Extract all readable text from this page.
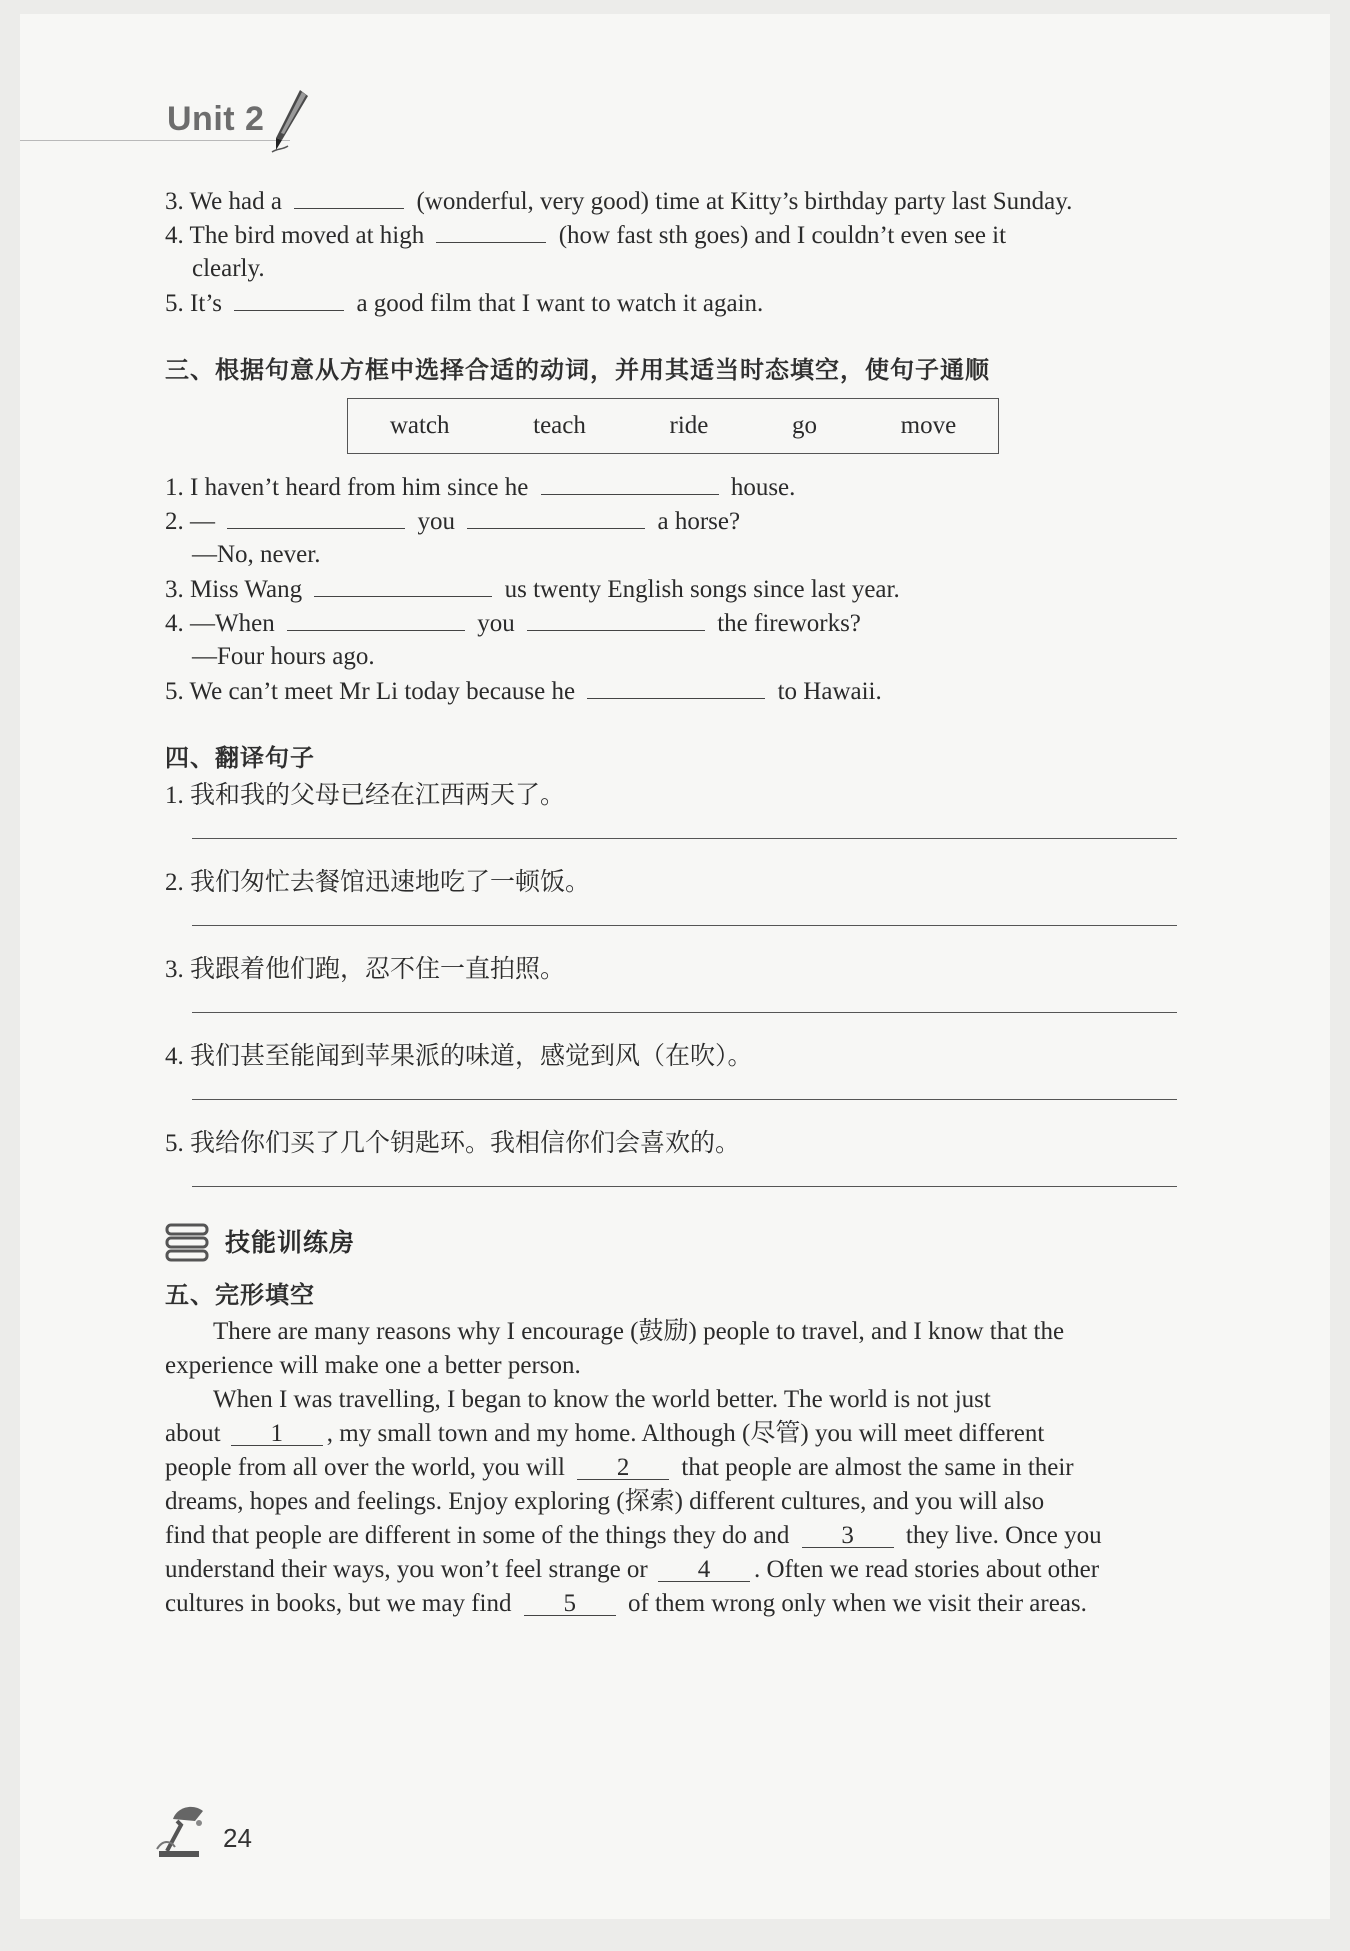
Unit 2
3. We had a	(wonderful, very good) time at Kitty’s birthday party last Sunday.
4. The bird moved at high	(how fast sth goes) and I couldn’t even see it
clearly.
5. It’s	a good film that I want to watch it again.
三、根据句意从方框中选择合适的动词，并用其适当时态填空，使句子通顺
watch	teach	ride	go	move
1. I haven’t heard from him since he	house.
2. —	you	a horse?
—No, never.
3. Miss Wang	us twenty English songs since last year.
4. —When	you	the fireworks?
—Four hours ago.
5. We can’t meet Mr Li today because he	to Hawaii.
四、翻译句子
1. 我和我的父母已经在江西两天了。
2. 我们匆忙去餐馆迅速地吃了一顿饭。
3. 我跟着他们跑，忍不住一直拍照。
4. 我们甚至能闻到苹果派的味道，感觉到风（在吹）。
5. 我给你们买了几个钥匙环。我相信你们会喜欢的。
技能训练房
五、完形填空
There are many reasons why I encourage (鼓励) people to travel, and I know that the
experience will make one a better person.
When I was travelling, I began to know the world better. The world is not just
about 1 , my small town and my home. Although (尽管) you will meet different
people from all over the world, you will 2 that people are almost the same in their
dreams, hopes and feelings. Enjoy exploring (探索) different cultures, and you will also
find that people are different in some of the things they do and 3 they live. Once you
understand their ways, you won’t feel strange or 4 . Often we read stories about other
cultures in books, but we may find 5 of them wrong only when we visit their areas.
24
